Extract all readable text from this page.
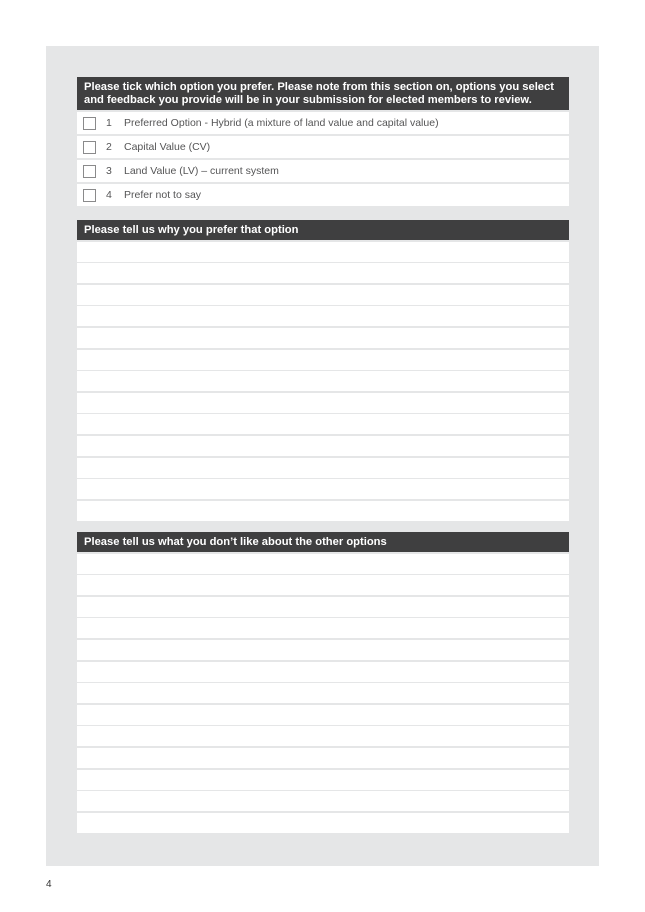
Please tick which option you prefer. Please note from this section on, options you select and feedback you provide will be in your submission for elected members to review.
1	Preferred Option - Hybrid (a mixture of land value and capital value)
2	Capital Value (CV)
3	Land Value (LV) – current system
4	Prefer not to say
Please tell us why you prefer that option
Please tell us what you don’t like about the other options
4
